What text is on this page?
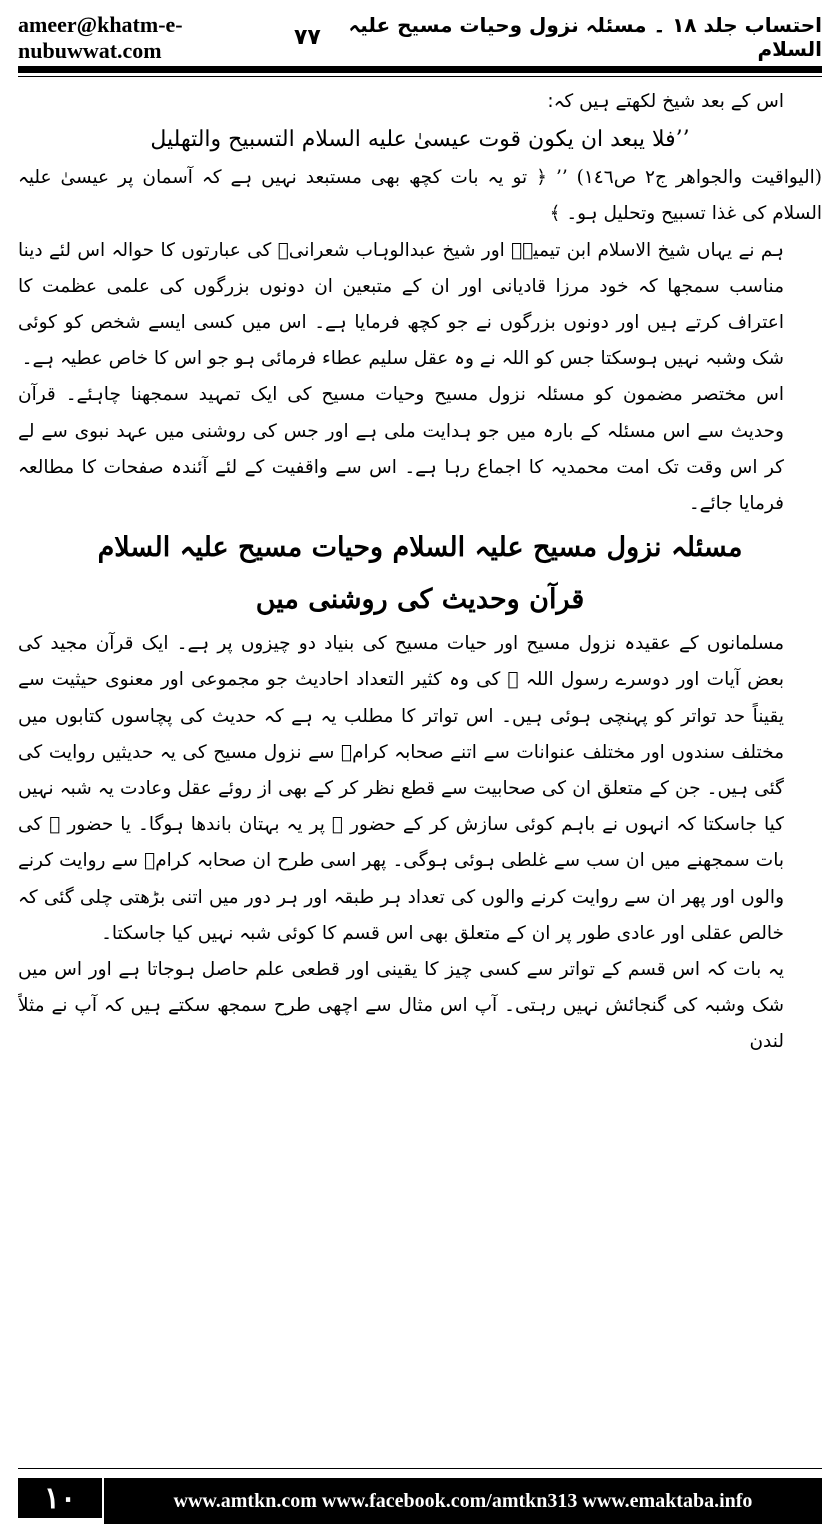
ameer@khatm-e-nubuwwat.com
احتساب جلد ۱۸ ۔ مسئلہ نزول وحیات مسیح علیہ السلام
۷۷

اس کے بعد شیخ لکھتے ہیں کہ:

’’فلا يبعد ان يكون قوت عيسىٰ عليه السلام التسبيح والتهليل

(اليواقيت والجواهر ج۲ ص۱٤٦) ’’ ﴿ تو یہ بات کچھ بھی مستبعد نہیں ہے کہ آسمان پر عیسیٰ علیہ السلام کی غذا تسبیح وتحلیل ہو۔ ﴾

ہم نے یہاں شیخ الاسلام ابن تیمیہؒ اور شیخ عبدالوہاب شعرانیؒ کی عبارتوں کا حوالہ اس لئے دینا مناسب سمجھا کہ خود مرزا قادیانی اور ان کے متبعین ان دونوں بزرگوں کی علمی عظمت کا اعتراف کرتے ہیں اور دونوں بزرگوں نے جو کچھ فرمایا ہے۔ اس میں کسی ایسے شخص کو کوئی شک وشبہ نہیں ہوسکتا جس کو اللہ نے وہ عقل سلیم عطاء فرمائی ہو جو اس کا خاص عطیہ ہے۔

اس مختصر مضمون کو مسئلہ نزول مسیح وحیات مسیح کی ایک تمہید سمجھنا چاہئے۔ قرآن وحدیث سے اس مسئلہ کے بارہ میں جو ہدایت ملی ہے اور جس کی روشنی میں عہد نبوی سے لے کر اس وقت تک امت محمدیہ کا اجماع رہا ہے۔ اس سے واقفیت کے لئے آئندہ صفحات کا مطالعہ فرمایا جائے۔

مسئلہ نزول مسیح علیہ السلام وحیات مسیح علیہ السلام

قرآن وحدیث کی روشنی میں

مسلمانوں کے عقیدہ نزول مسیح اور حیات مسیح کی بنیاد دو چیزوں پر ہے۔ ایک قرآن مجید کی بعض آیات اور دوسرے رسول اللہ ﷺ کی وہ کثیر التعداد احادیث جو مجموعی اور معنوی حیثیت سے یقیناً حد تواتر کو پہنچی ہوئی ہیں۔ اس تواتر کا مطلب یہ ہے کہ حدیث کی پچاسوں کتابوں میں مختلف سندوں اور مختلف عنوانات سے اتنے صحابہ کرامؓ سے نزول مسیح کی یہ حدیثیں روایت کی گئی ہیں۔ جن کے متعلق ان کی صحابیت سے قطع نظر کر کے بھی از روئے عقل وعادت یہ شبہ نہیں کیا جاسکتا کہ انہوں نے باہم کوئی سازش کر کے حضور ﷺ پر یہ بہتان باندھا ہوگا۔ یا حضور ﷺ کی بات سمجھنے میں ان سب سے غلطی ہوئی ہوگی۔ پھر اسی طرح ان صحابہ کرامؓ سے روایت کرنے والوں اور پھر ان سے روایت کرنے والوں کی تعداد ہر طبقہ اور ہر دور میں اتنی بڑھتی چلی گئی کہ خالص عقلی اور عادی طور پر ان کے متعلق بھی اس قسم کا کوئی شبہ نہیں کیا جاسکتا۔

یہ بات کہ اس قسم کے تواتر سے کسی چیز کا یقینی اور قطعی علم حاصل ہوجاتا ہے اور اس میں شک وشبہ کی گنجائش نہیں رہتی۔ آپ اس مثال سے اچھی طرح سمجھ سکتے ہیں کہ آپ نے مثلاً لندن

۱۰	www.amtkn.com www.facebook.com/amtkn313 www.emaktaba.info
